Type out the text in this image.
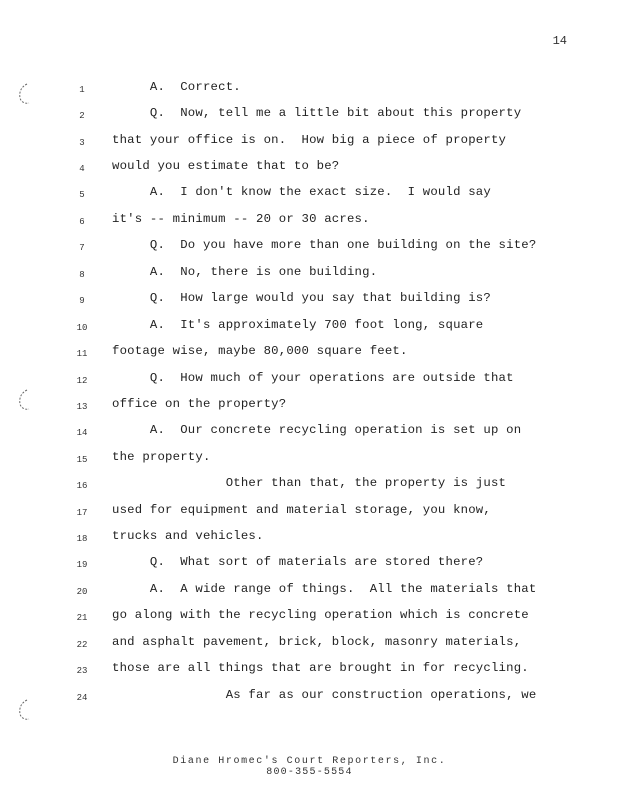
14
1	A.  Correct.
2	Q.  Now, tell me a little bit about this property
3	that your office is on.  How big a piece of property
4	would you estimate that to be?
5	A.  I don't know the exact size.  I would say
6	it's -- minimum -- 20 or 30 acres.
7	Q.  Do you have more than one building on the site?
8	A.  No, there is one building.
9	Q.  How large would you say that building is?
10	A.  It's approximately 700 foot long, square
11	footage wise, maybe 80,000 square feet.
12	Q.  How much of your operations are outside that
13	office on the property?
14	A.  Our concrete recycling operation is set up on
15	the property.
16	Other than that, the property is just
17	used for equipment and material storage, you know,
18	trucks and vehicles.
19	Q.  What sort of materials are stored there?
20	A.  A wide range of things.  All the materials that
21	go along with the recycling operation which is concrete
22	and asphalt pavement, brick, block, masonry materials,
23	those are all things that are brought in for recycling.
24	As far as our construction operations, we
Diane Hromec's Court Reporters, Inc.
800-355-5554
